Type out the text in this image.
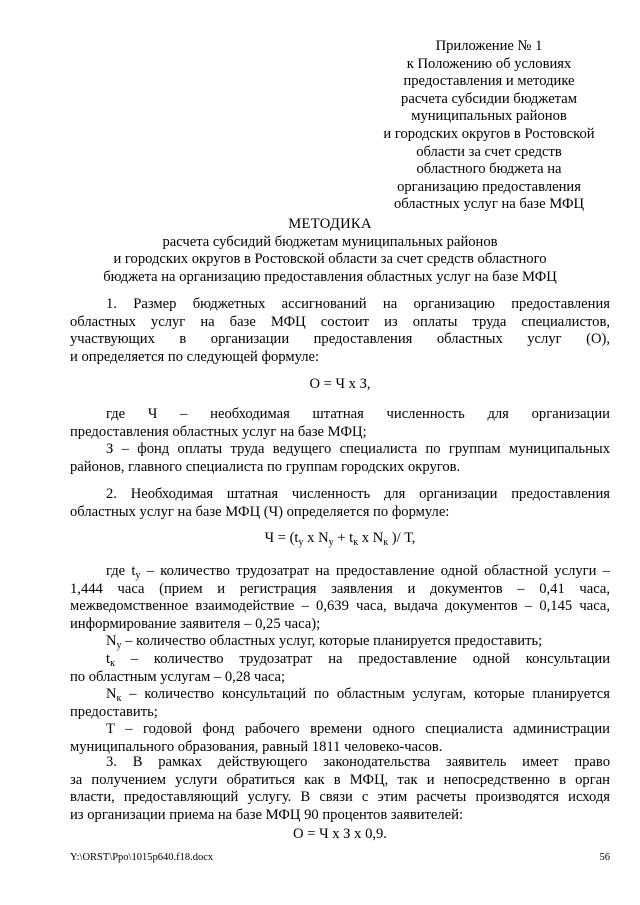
Приложение № 1
к Положению об условиях
предоставления и методике
расчета субсидии бюджетам
муниципальных районов
и городских округов в Ростовской
области за счет средств
областного бюджета на
организацию предоставления
областных услуг на базе МФЦ
МЕТОДИКА
расчета субсидий бюджетам муниципальных районов
и городских округов в Ростовской области за счет средств областного
бюджета на организацию предоставления областных услуг на базе МФЦ
1. Размер бюджетных ассигнований на организацию предоставления
областных услуг на базе МФЦ состоит из оплаты труда специалистов,
участвующих в организации предоставления областных услуг (О),
и определяется по следующей формуле:
О = Ч х З,
где Ч – необходимая штатная численность для организации
предоставления областных услуг на базе МФЦ;
З – фонд оплаты труда ведущего специалиста по группам муниципальных
районов, главного специалиста по группам городских округов.
2. Необходимая штатная численность для организации предоставления
областных услуг на базе МФЦ (Ч) определяется по формуле:
$Ч = (t_у$ х $N_у + t_к$ х $N_к$ )/ Т,
где $t_у$ – количество трудозатрат на предоставление одной областной услуги –
1,444 часа (прием и регистрация заявления и документов – 0,41 часа,
межведомственное взаимодействие – 0,639 часа, выдача документов – 0,145 часа,
информирование заявителя – 0,25 часа);
$N_у$ – количество областных услуг, которые планируется предоставить;
$t_к$ – количество трудозатрат на предоставление одной консультации
по областным услугам – 0,28 часа;
$N_к$ – количество консультаций по областным услугам, которые планируется
предоставить;
Т – годовой фонд рабочего времени одного специалиста администрации
муниципального образования, равный 1811 человеко-часов.
3. В рамках действующего законодательства заявитель имеет право
за получением услуги обратиться как в МФЦ, так и непосредственно в орган
власти, предоставляющий услугу. В связи с этим расчеты производятся исходя
из организации приема на базе МФЦ 90 процентов заявителей:
О = Ч х З х 0,9.
Y:\ORST\Ppo\1015p640.f18.docx	56
